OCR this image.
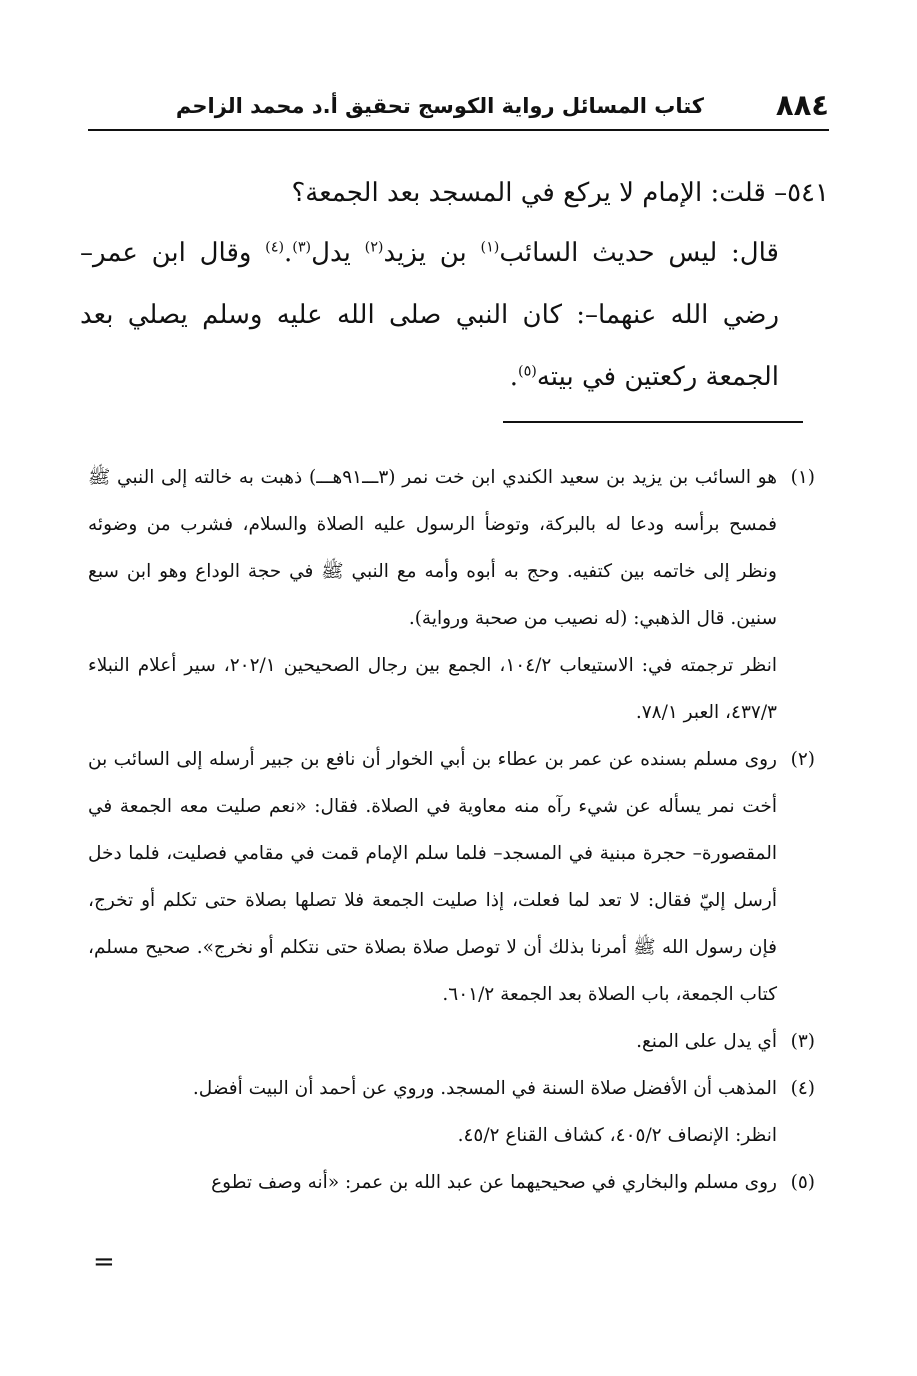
٨٨٤
كتاب المسائل رواية الكوسج تحقيق أ.د محمد الزاحم

٥٤١– قلت: الإمام لا يركع في المسجد بعد الجمعة؟

قال: ليس حديث السائب$^{(١)}$ بن يزيد$^{(٢)}$ يدل$^{(٣)}$.$^{(٤)}$ وقال ابن عمر– رضي الله عنهما–: كان النبي صلى الله عليه وسلم يصلي بعد الجمعة ركعتين في بيته$^{(٥)}$.

(١)

هو السائب بن يزيد بن سعيد الكندي ابن خت نمر (٣ـــ٩١هـــ) ذهبت به خالته إلى النبي ﷺ فمسح برأسه ودعا له بالبركة، وتوضأ الرسول عليه الصلاة والسلام، فشرب من وضوئه ونظر إلى خاتمه بين كتفيه. وحج به أبوه وأمه مع النبي ﷺ في حجة الوداع وهو ابن سبع سنين. قال الذهبي: (له نصيب من صحبة ورواية).

انظر ترجمته في: الاستيعاب ١٠٤/٢، الجمع بين رجال الصحيحين ٢٠٢/١، سير أعلام النبلاء ٤٣٧/٣، العبر ٧٨/١.

(٢)

روى مسلم بسنده عن عمر بن عطاء بن أبي الخوار أن نافع بن جبير أرسله إلى السائب بن أخت نمر يسأله عن شيء رآه منه معاوية في الصلاة. فقال: «نعم صليت معه الجمعة في المقصورة– حجرة مبنية في المسجد– فلما سلم الإمام قمت في مقامي فصليت، فلما دخل أرسل إليّ فقال: لا تعد لما فعلت، إذا صليت الجمعة فلا تصلها بصلاة حتى تكلم أو تخرج، فإن رسول الله ﷺ أمرنا بذلك أن لا توصل صلاة بصلاة حتى نتكلم أو نخرج». صحيح مسلم، كتاب الجمعة، باب الصلاة بعد الجمعة ٦٠١/٢.

(٣)

أي يدل على المنع.

(٤)

المذهب أن الأفضل صلاة السنة في المسجد. وروي عن أحمد أن البيت أفضل.

انظر: الإنصاف ٤٠٥/٢، كشاف القناع ٤٥/٢.

(٥)

روى مسلم والبخاري في صحيحيهما عن عبد الله بن عمر: «أنه وصف تطوع

=
